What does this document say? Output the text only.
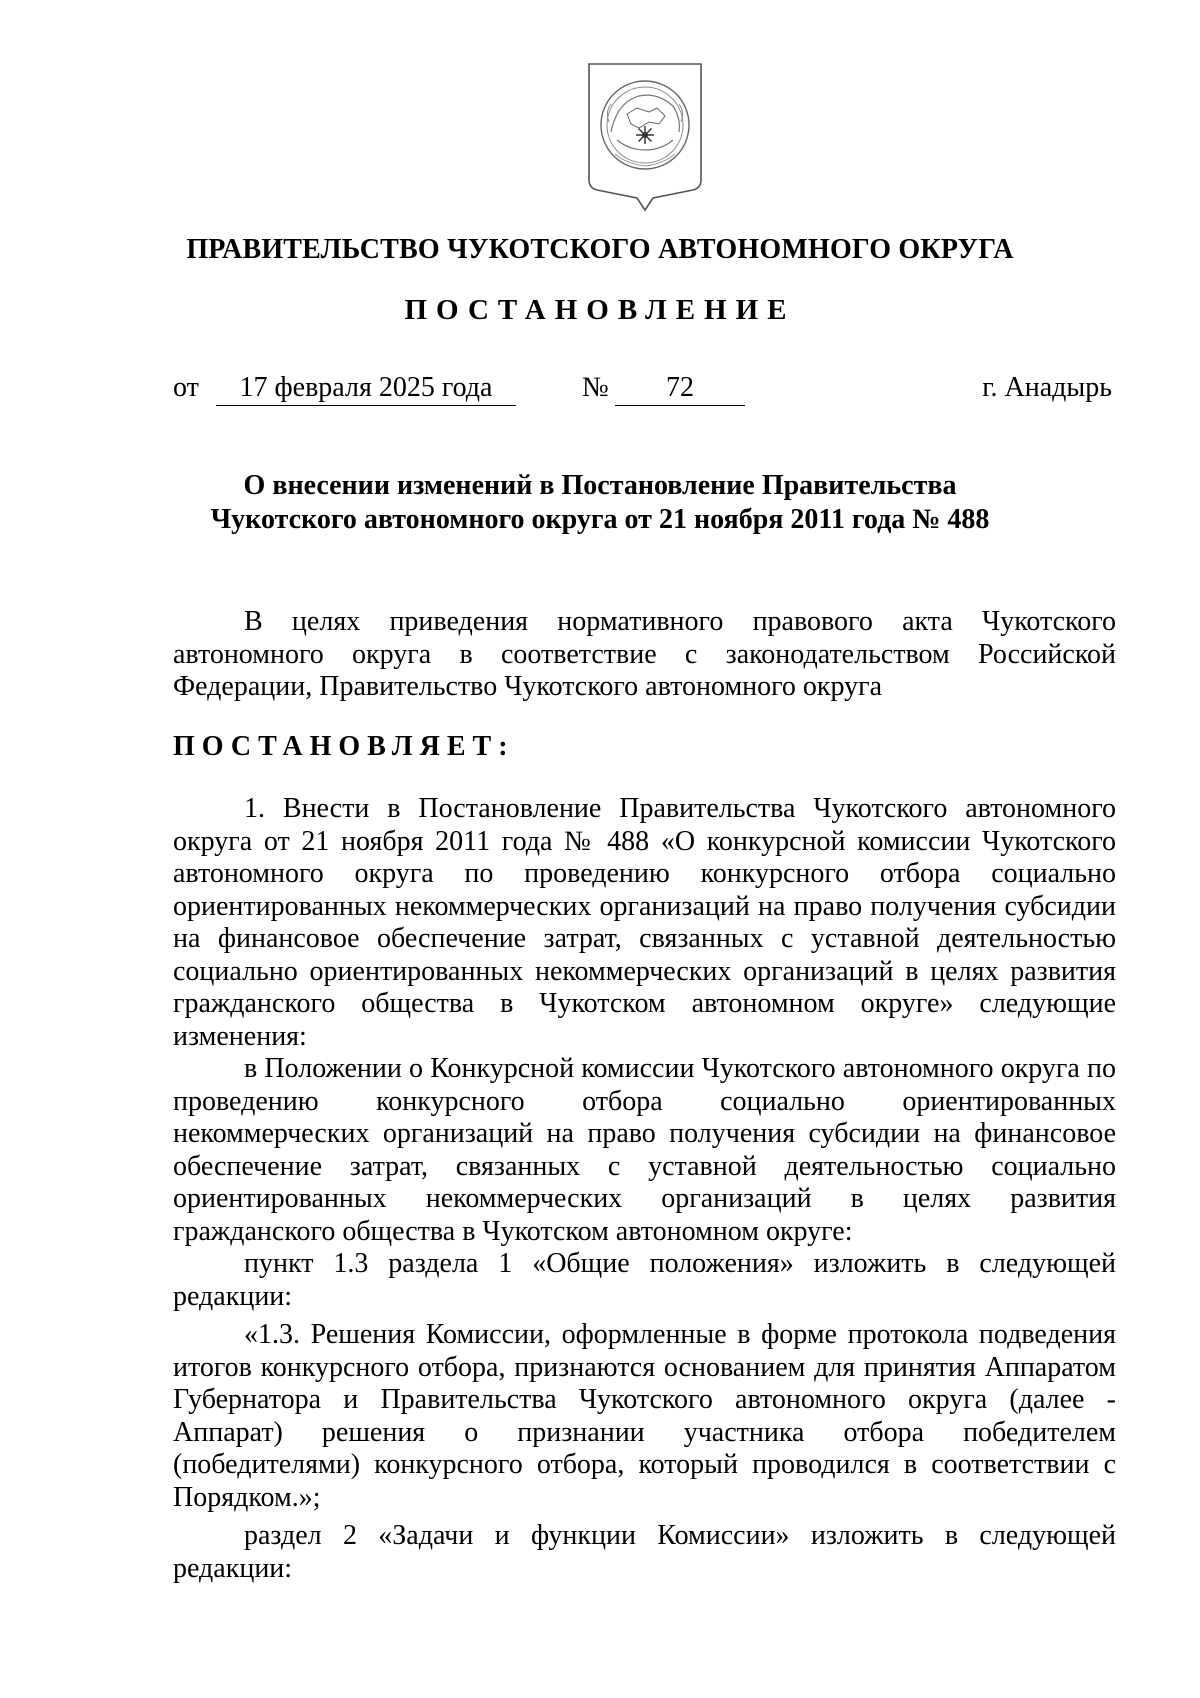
ПРАВИТЕЛЬСТВО ЧУКОТСКОГО АВТОНОМНОГО ОКРУГА
ПОСТАНОВЛЕНИЕ
от	17 февраля 2025 года	№	72	г. Анадырь
О внесении изменений в Постановление Правительства
Чукотского автономного округа от 21 ноября 2011 года № 488

В целях приведения нормативного правового акта Чукотского автономного округа в соответствие с законодательством Российской Федерации, Правительство Чукотского автономного округа

ПОСТАНОВЛЯЕТ:

1. Внести в Постановление Правительства Чукотского автономного округа от 21 ноября 2011 года № 488 «О конкурсной комиссии Чукотского автономного округа по проведению конкурсного отбора социально ориентированных некоммерческих организаций на право получения субсидии на финансовое обеспечение затрат, связанных с уставной деятельностью социально ориентированных некоммерческих организаций в целях развития гражданского общества в Чукотском автономном округе» следующие изменения:

в Положении о Конкурсной комиссии Чукотского автономного округа по проведению конкурсного отбора социально ориентированных некоммерческих организаций на право получения субсидии на финансовое обеспечение затрат, связанных с уставной деятельностью социально ориентированных некоммерческих организаций в целях развития гражданского общества в Чукотском автономном округе:

пункт 1.3 раздела 1 «Общие положения» изложить в следующей редакции:

«1.3. Решения Комиссии, оформленные в форме протокола подведения итогов конкурсного отбора, признаются основанием для принятия Аппаратом Губернатора и Правительства Чукотского автономного округа (далее - Аппарат) решения о признании участника отбора победителем (победителями) конкурсного отбора, который проводился в соответствии с Порядком.»;

раздел 2 «Задачи и функции Комиссии» изложить в следующей редакции:
